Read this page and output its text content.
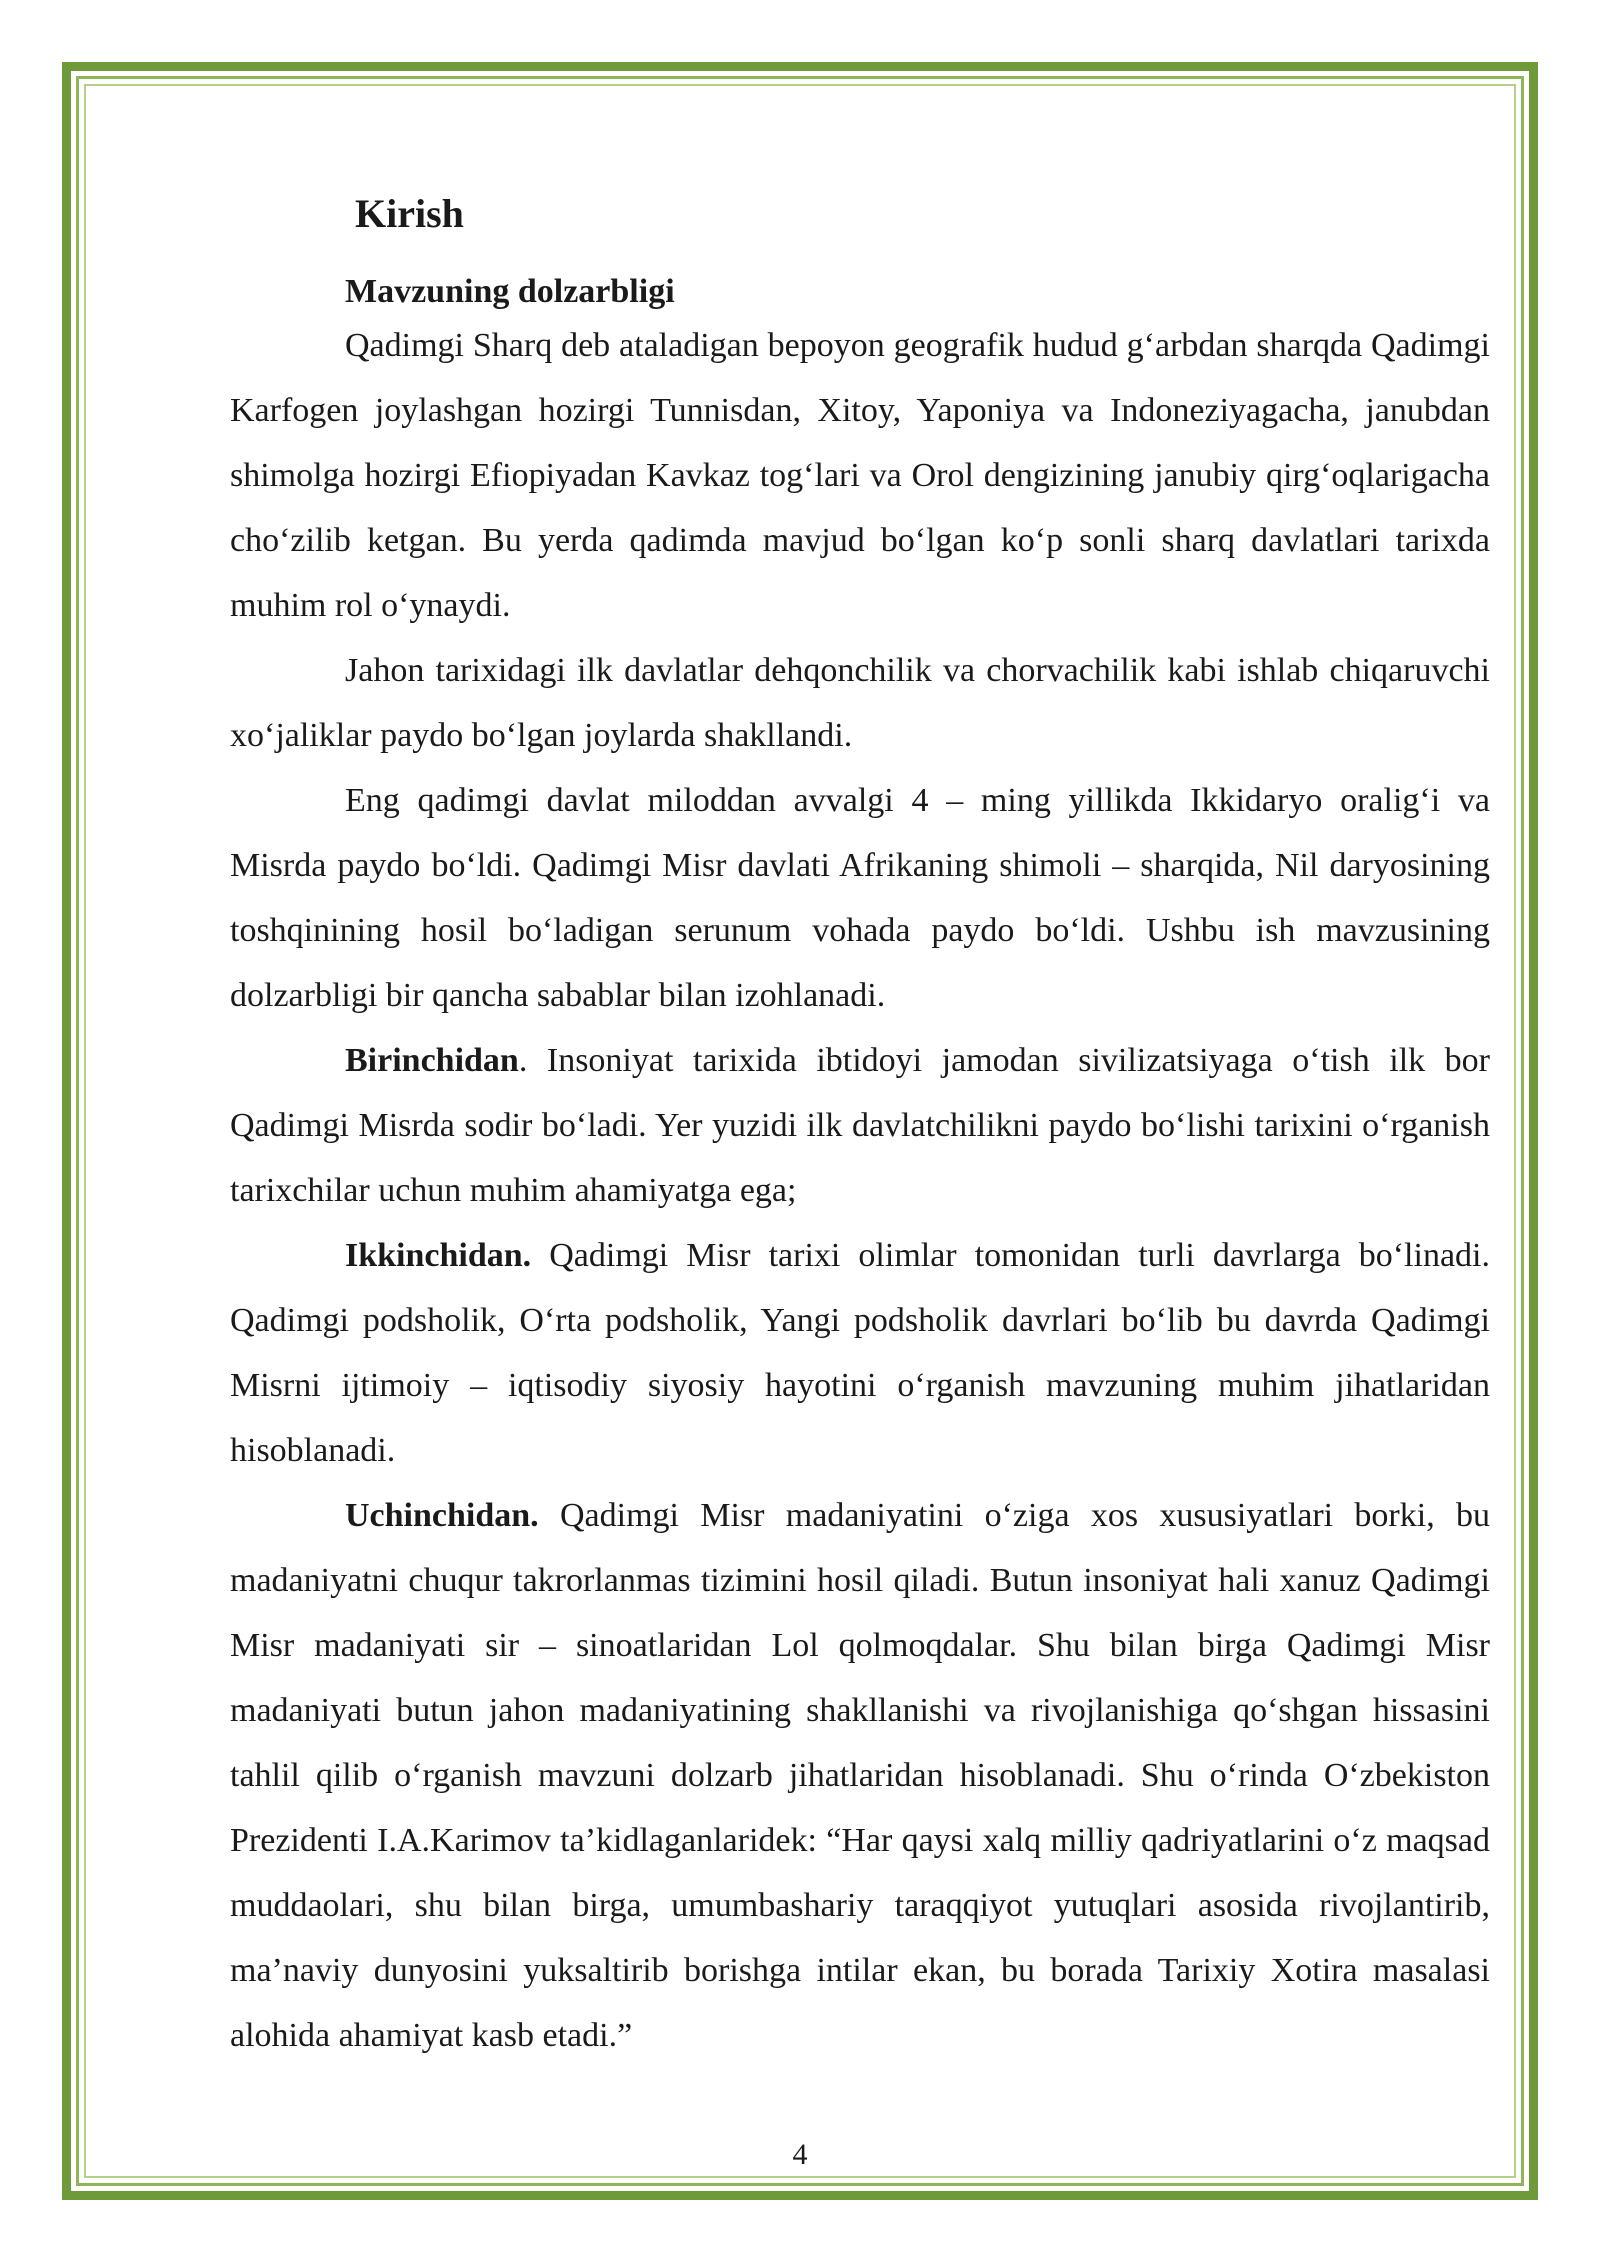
Kirish
Mavzuning dolzarbligi

Qadimgi Sharq deb ataladigan bepoyon geografik hudud g‘arbdan sharqda Qadimgi Karfogen joylashgan hozirgi Tunnisdan, Xitoy, Yaponiya va Indoneziyagacha, janubdan shimolga hozirgi Efiopiyadan Kavkaz tog‘lari va Orol dengizining janubiy qirg‘oqlarigacha cho‘zilib ketgan. Bu yerda qadimda mavjud bo‘lgan ko‘p sonli sharq davlatlari tarixda muhim rol o‘ynaydi.

Jahon tarixidagi ilk davlatlar dehqonchilik va chorvachilik kabi ishlab chiqaruvchi xo‘jaliklar paydo bo‘lgan joylarda shakllandi.

Eng qadimgi davlat miloddan avvalgi 4 – ming yillikda Ikkidaryo oralig‘i va Misrda paydo bo‘ldi. Qadimgi Misr davlati Afrikaning shimoli – sharqida, Nil daryosining toshqinining hosil bo‘ladigan serunum vohada paydo bo‘ldi. Ushbu ish mavzusining dolzarbligi bir qancha sabablar bilan izohlanadi.

Birinchidan. Insoniyat tarixida ibtidoyi jamodan sivilizatsiyaga o‘tish ilk bor Qadimgi Misrda sodir bo‘ladi. Yer yuzidi ilk davlatchilikni paydo bo‘lishi tarixini o‘rganish tarixchilar uchun muhim ahamiyatga ega;

Ikkinchidan. Qadimgi Misr tarixi olimlar tomonidan turli davrlarga bo‘linadi. Qadimgi podsholik, O‘rta podsholik, Yangi podsholik davrlari bo‘lib bu davrda Qadimgi Misrni ijtimoiy – iqtisodiy siyosiy hayotini o‘rganish mavzuning muhim jihatlaridan hisoblanadi.

Uchinchidan. Qadimgi Misr madaniyatini o‘ziga xos xususiyatlari borki, bu madaniyatni chuqur takrorlanmas tizimini hosil qiladi. Butun insoniyat hali xanuz Qadimgi Misr madaniyati sir – sinoatlaridan Lol qolmoqdalar. Shu bilan birga Qadimgi Misr madaniyati butun jahon madaniyatining shakllanishi va rivojlanishiga qo‘shgan hissasini tahlil qilib o‘rganish mavzuni dolzarb jihatlaridan hisoblanadi. Shu o‘rinda O‘zbekiston Prezidenti I.A.Karimov ta’kidlaganlaridek: “Har qaysi xalq milliy qadriyatlarini o‘z maqsad muddaolari, shu bilan birga, umumbashariy taraqqiyot yutuqlari asosida rivojlantirib, ma’naviy dunyosini yuksaltirib borishga intilar ekan, bu borada Tarixiy Xotira masalasi alohida ahamiyat kasb etadi.”

4
